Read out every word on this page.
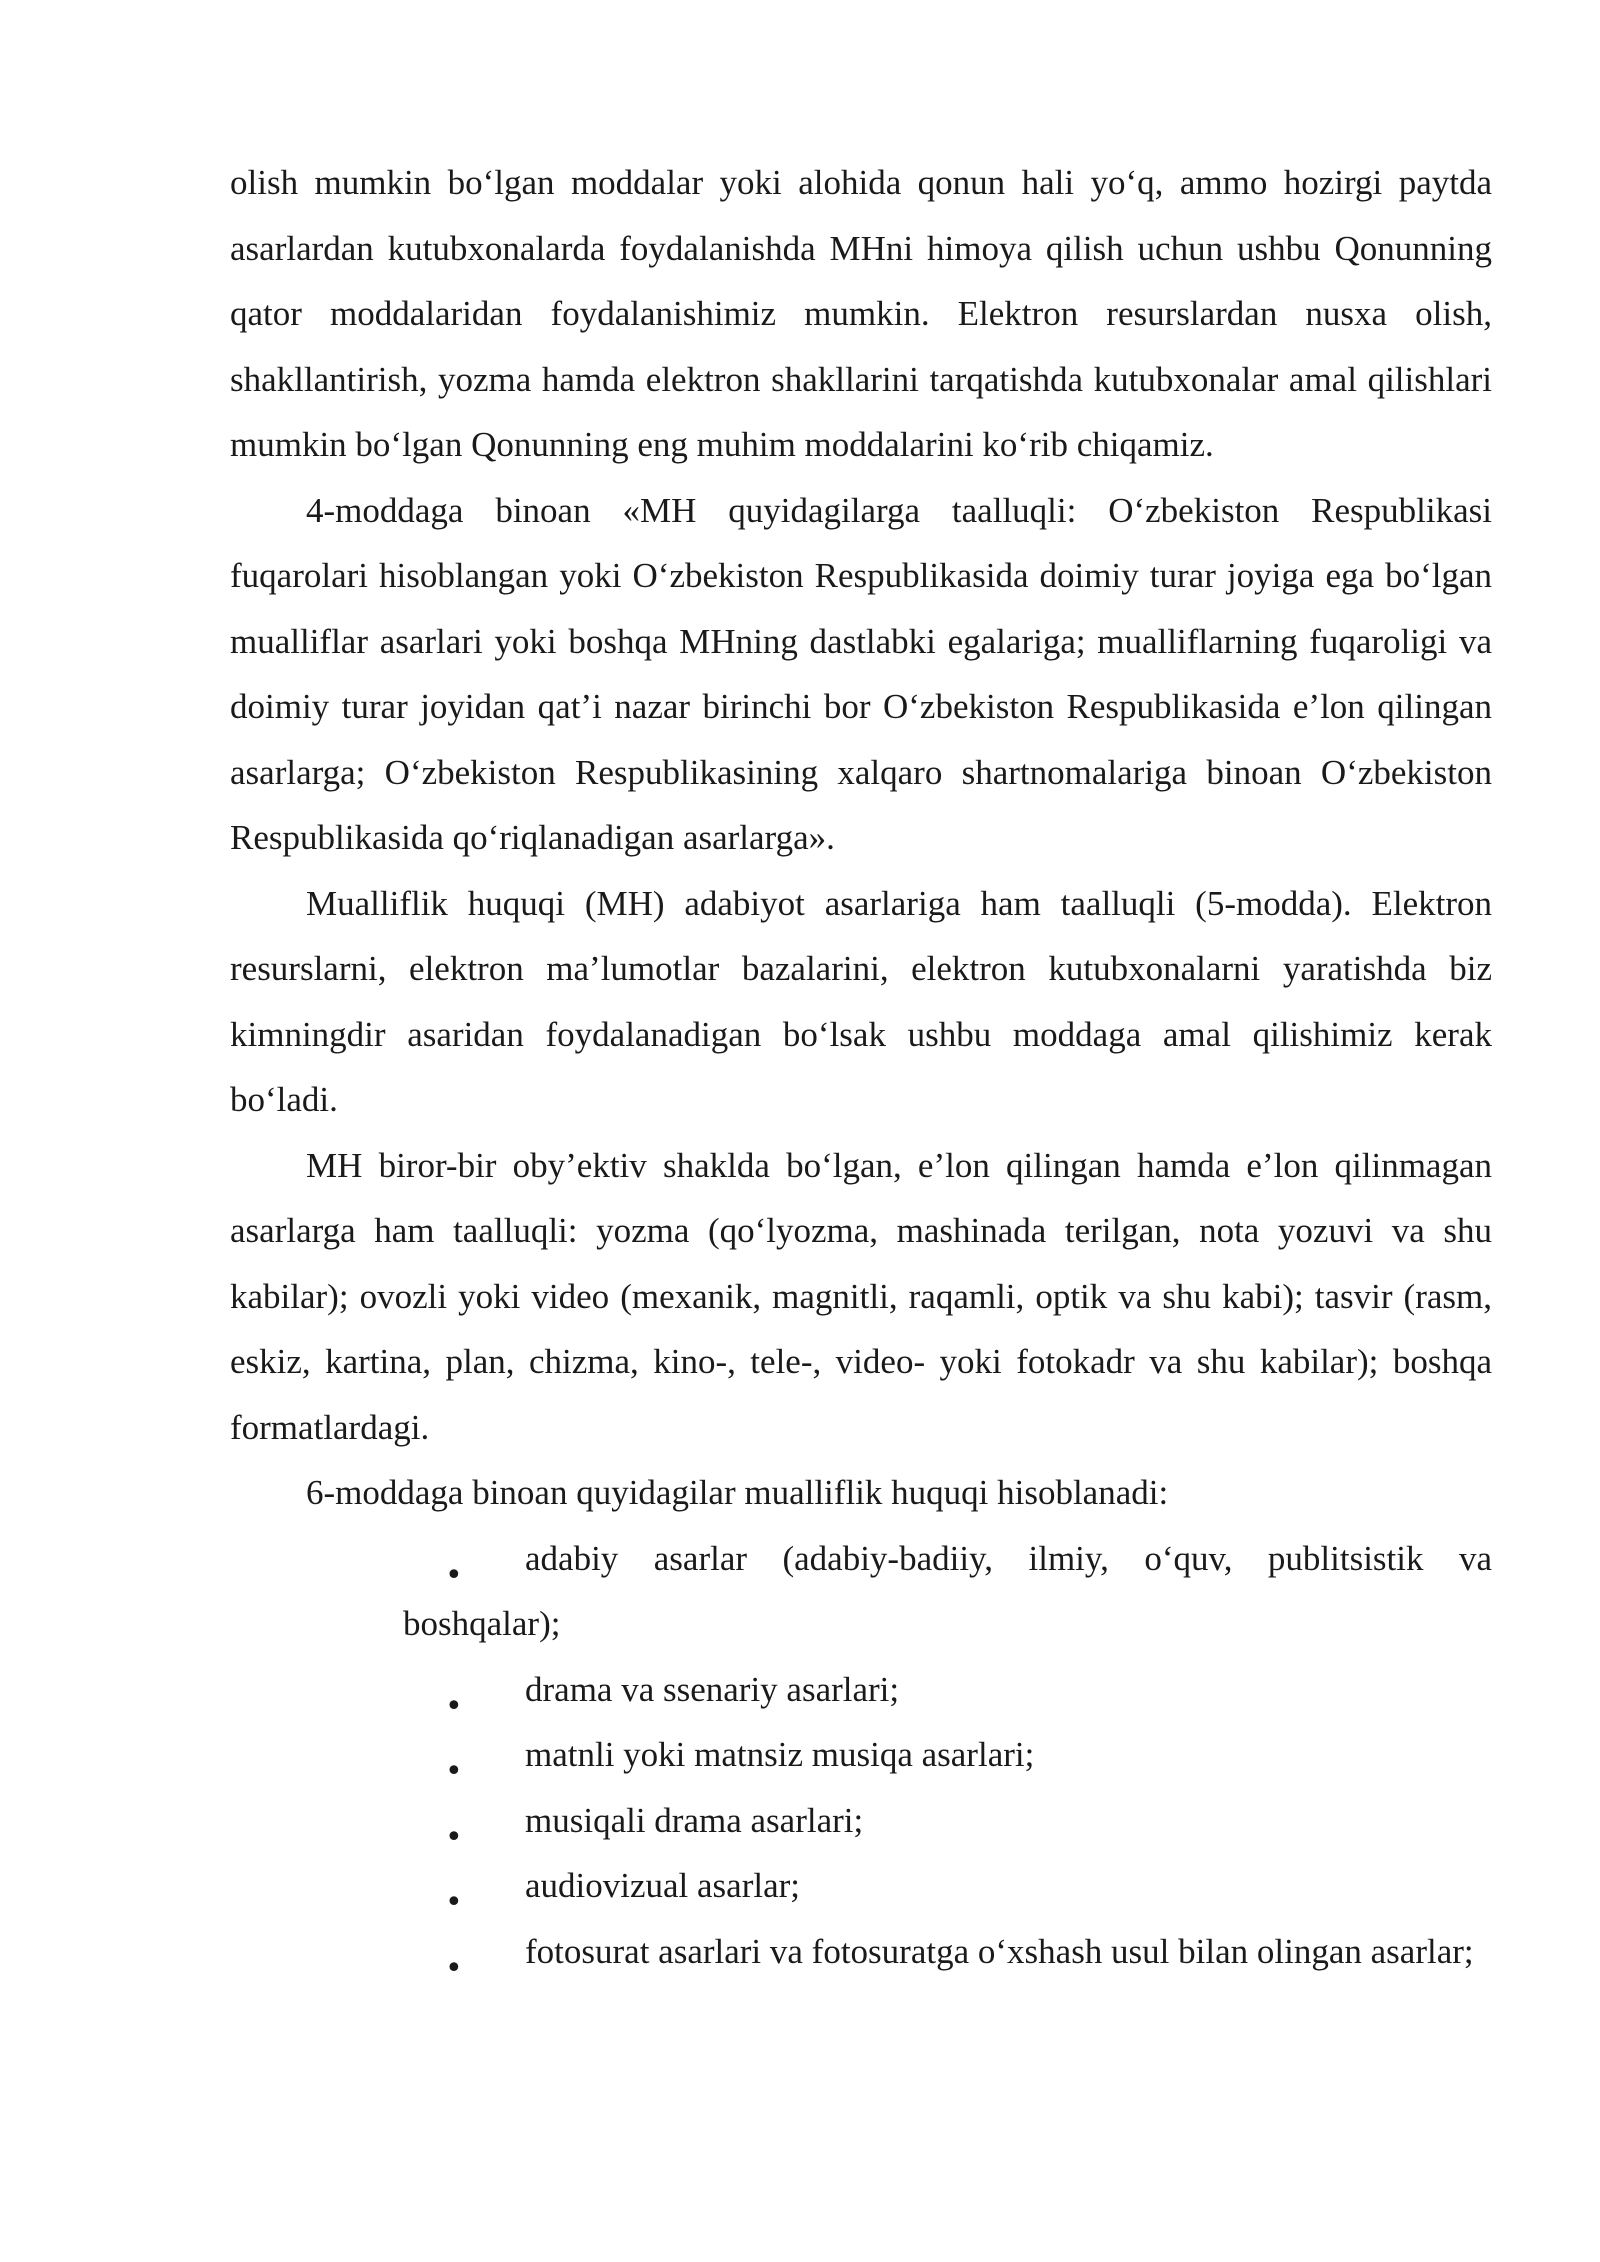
olish mumkin bo‘lgan moddalar yoki alohida qonun hali yo‘q, ammo hozirgi paytda asarlardan kutubxonalarda foydalanishda MHni himoya qilish uchun ushbu Qonunning qator moddalaridan foydalanishimiz mumkin. Elektron resurslardan nusxa olish, shakllantirish, yozma hamda elektron shakllarini tarqatishda kutubxonalar amal qilishlari mumkin bo‘lgan Qonunning eng muhim moddalarini ko‘rib chiqamiz.

4-moddaga binoan «MH quyidagilarga taalluqli: O‘zbekiston Respublikasi fuqarolari hisoblangan yoki O‘zbekiston Respublikasida doimiy turar joyiga ega bo‘lgan mualliflar asarlari yoki boshqa MHning dastlabki egalariga; mualliflarning fuqaroligi va doimiy turar joyidan qat’i nazar birinchi bor O‘zbekiston Respublikasida e’lon qilingan asarlarga; O‘zbekiston Respublikasining xalqaro shartnomalariga binoan O‘zbekiston Respublikasida qo‘riqlanadigan asarlarga».

Mualliflik huquqi (MH) adabiyot asarlariga ham taalluqli (5-modda). Elektron resurslarni, elektron ma’lumotlar bazalarini, elektron kutubxonalarni yaratishda biz kimningdir asaridan foydalanadigan bo‘lsak ushbu moddaga amal qilishimiz kerak bo‘ladi.

MH biror-bir oby’ektiv shaklda bo‘lgan, e’lon qilingan hamda e’lon qilinmagan asarlarga ham taalluqli: yozma (qo‘lyozma, mashinada terilgan, nota yozuvi va shu kabilar); ovozli yoki video (mexanik, magnitli, raqamli, optik va shu kabi); tasvir (rasm, eskiz, kartina, plan, chizma, kino-, tele-, video- yoki fotokadr va shu kabilar); boshqa formatlardagi.

6-moddaga binoan quyidagilar mualliflik huquqi hisoblanadi:

• adabiy asarlar (adabiy-badiiy, ilmiy, o‘quv, publitsistik va boshqalar);
• drama va ssenariy asarlari;
• matnli yoki matnsiz musiqa asarlari;
• musiqali drama asarlari;
• audiovizual asarlar;
• fotosurat asarlari va fotosuratga o‘xshash usul bilan olingan asarlar;
